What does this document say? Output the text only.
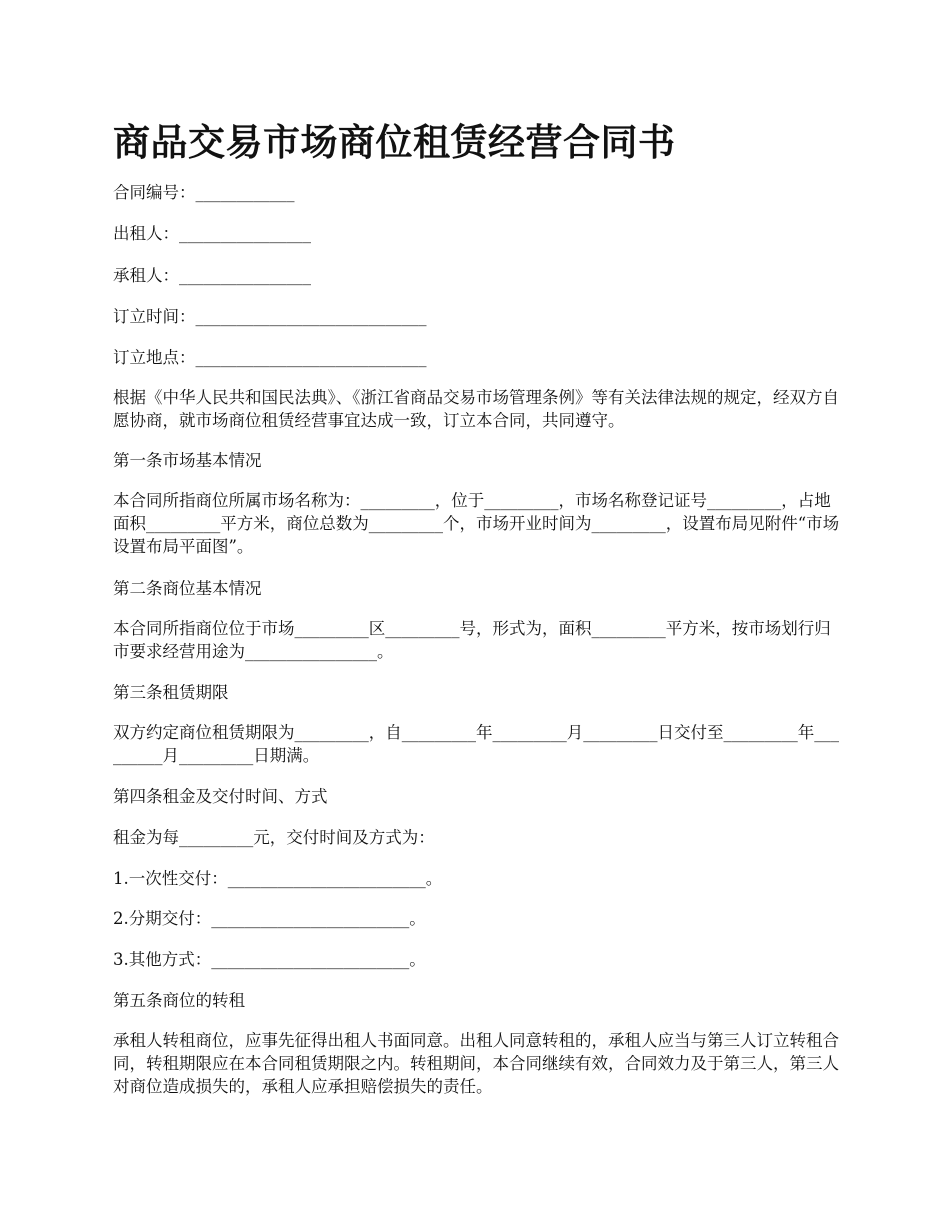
商品交易市场商位租赁经营合同书

合同编号：____________

出租人：________________

承租人：________________

订立时间：____________________________

订立地点：____________________________

根据《中华人民共和国民法典》、《浙江省商品交易市场管理条例》等有关法律法规的规定，经双方自愿协商，就市场商位租赁经营事宜达成一致，订立本合同，共同遵守。

第一条市场基本情况

本合同所指商位所属市场名称为：_________，位于_________，市场名称登记证号_________，占地面积_________平方米，商位总数为_________个，市场开业时间为_________，设置布局见附件“市场设置布局平面图”。

第二条商位基本情况

本合同所指商位位于市场_________区_________号，形式为，面积_________平方米，按市场划行归市要求经营用途为________________。

第三条租赁期限

双方约定商位租赁期限为_________，自_________年_________月_________日交付至_________年_________月_________日期满。

第四条租金及交付时间、方式

租金为每_________元，交付时间及方式为：

1.一次性交付：________________________。

2.分期交付：________________________。

3.其他方式：________________________。

第五条商位的转租

承租人转租商位，应事先征得出租人书面同意。出租人同意转租的，承租人应当与第三人订立转租合同，转租期限应在本合同租赁期限之内。转租期间，本合同继续有效，合同效力及于第三人，第三人对商位造成损失的，承租人应承担赔偿损失的责任。
